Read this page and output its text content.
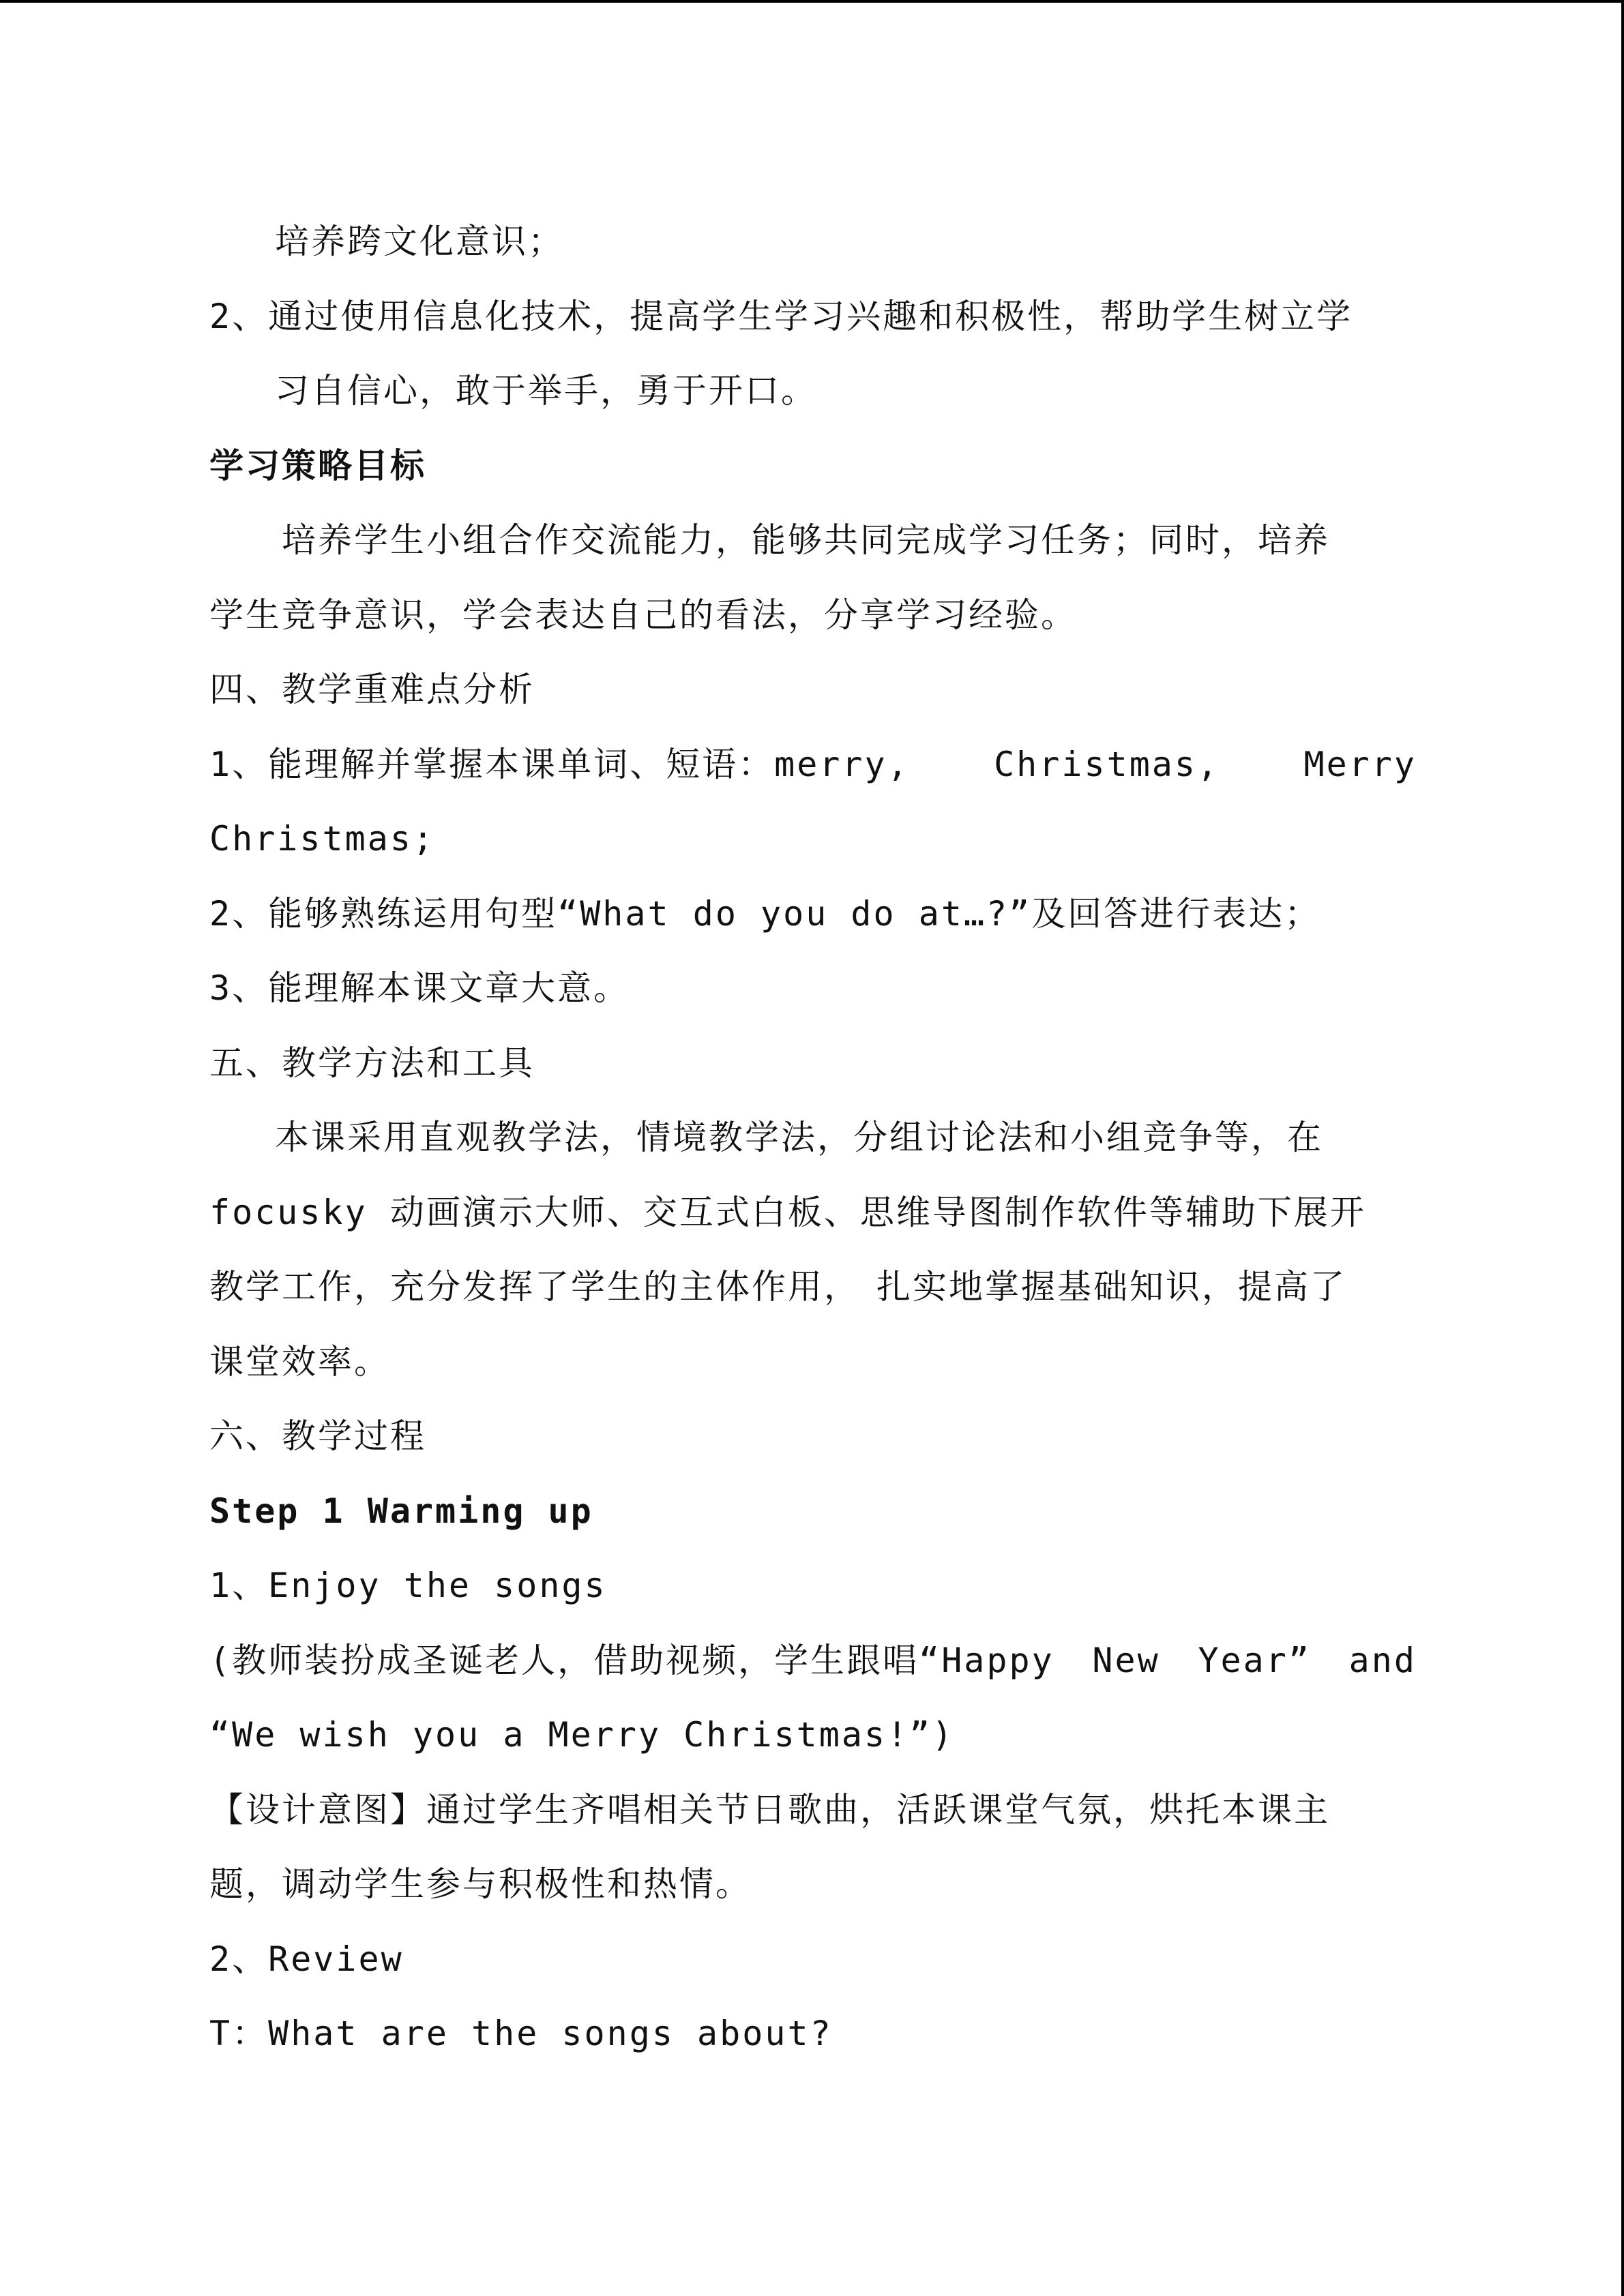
培养跨文化意识；
2、通过使用信息化技术，提高学生学习兴趣和积极性，帮助学生树立学
习自信心，敢于举手，勇于开口。
学习策略目标
培养学生小组合作交流能力，能够共同完成学习任务；同时，培养
学生竞争意识，学会表达自己的看法，分享学习经验。
四、教学重难点分析
1、能理解并掌握本课单词、短语：merry, Christmas, Merry
Christmas;
2、能够熟练运用句型“What do you do at…?”及回答进行表达；
3、能理解本课文章大意。
五、教学方法和工具
本课采用直观教学法，情境教学法，分组讨论法和小组竞争等，在
focusky 动画演示大师、交互式白板、思维导图制作软件等辅助下展开
教学工作，充分发挥了学生的主体作用， 扎实地掌握基础知识，提高了
课堂效率。
六、教学过程
Step 1 Warming up
1、Enjoy the songs
(教师装扮成圣诞老人，借助视频，学生跟唱“Happy New Year” and
“We wish you a Merry Christmas!”)
【设计意图】通过学生齐唱相关节日歌曲，活跃课堂气氛，烘托本课主
题，调动学生参与积极性和热情。
2、Review
T：What are the songs about?
